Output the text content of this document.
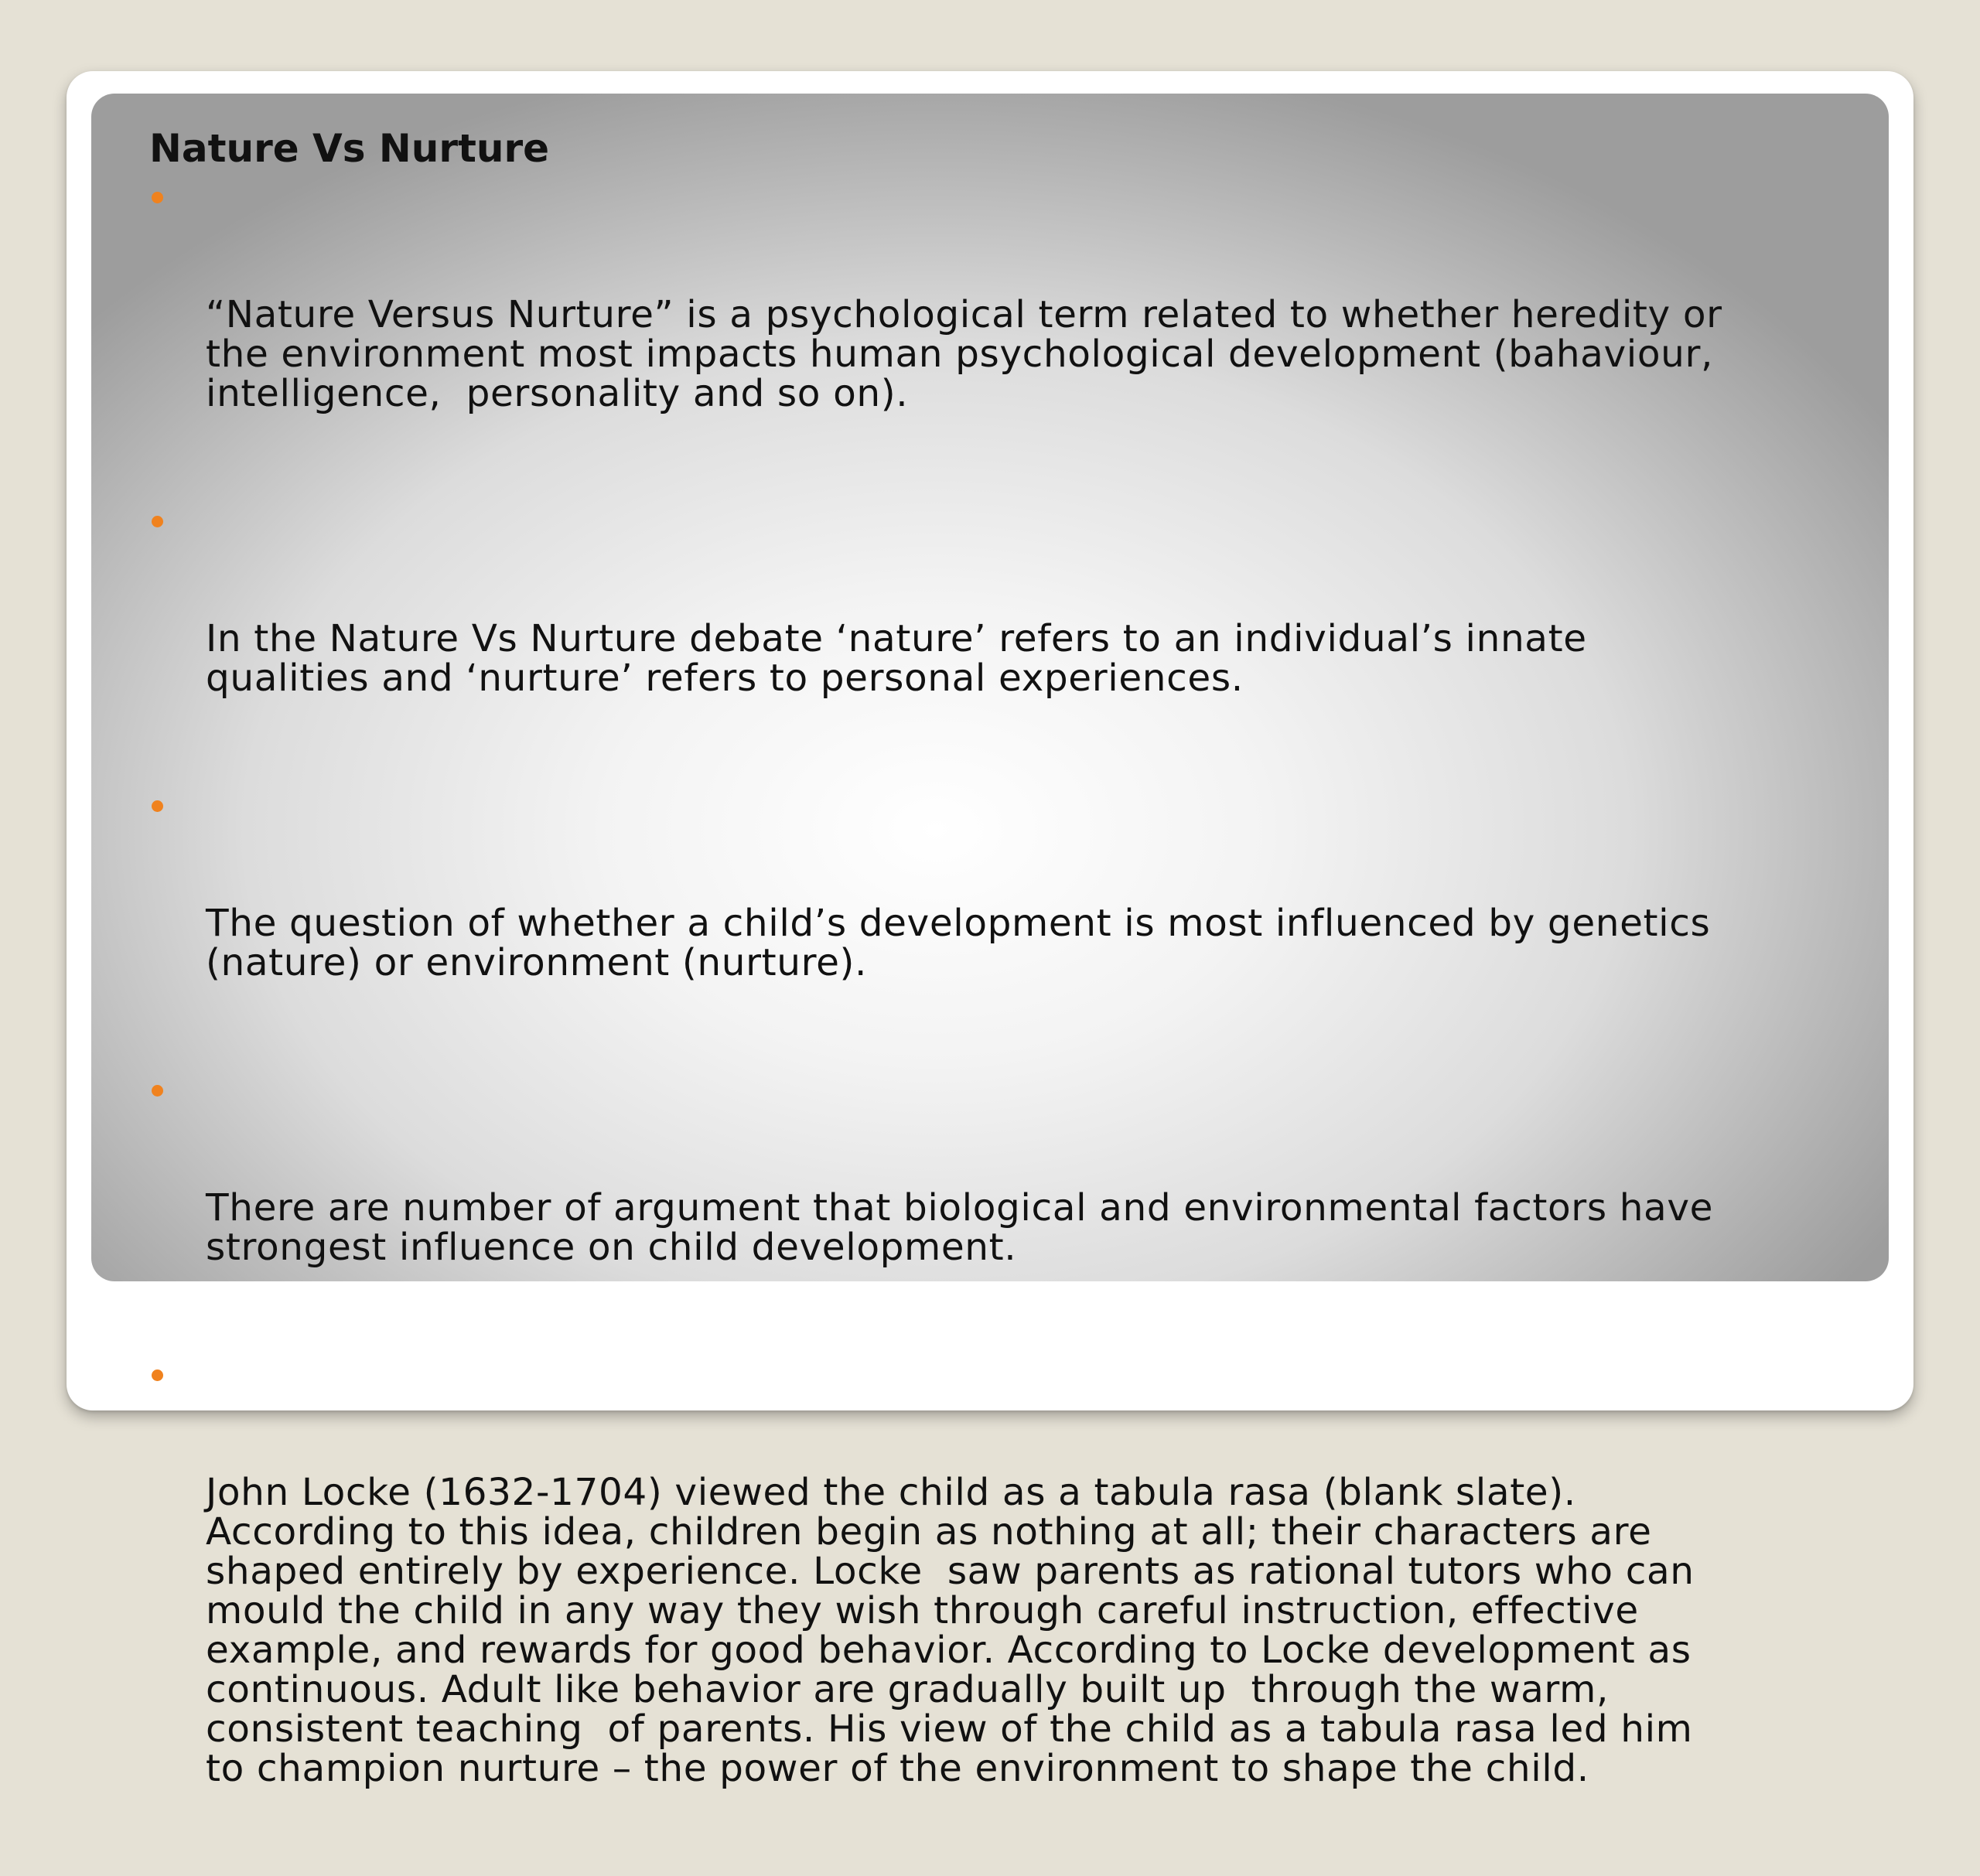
Nature Vs Nurture

“Nature Versus Nurture” is a psychological term related to whether heredity or
the environment most impacts human psychological development (bahaviour,
intelligence,  personality and so on).

In the Nature Vs Nurture debate ‘nature’ refers to an individual’s innate
qualities and ‘nurture’ refers to personal experiences.

The question of whether a child’s development is most influenced by genetics
(nature) or environment (nurture).

There are number of argument that biological and environmental factors have
strongest influence on child development.

John Locke (1632-1704) viewed the child as a tabula rasa (blank slate).
According to this idea, children begin as nothing at all; their characters are
shaped entirely by experience. Locke  saw parents as rational tutors who can
mould the child in any way they wish through careful instruction, effective
example, and rewards for good behavior. According to Locke development as
continuous. Adult like behavior are gradually built up  through the warm,
consistent teaching  of parents. His view of the child as a tabula rasa led him
to champion nurture – the power of the environment to shape the child.
